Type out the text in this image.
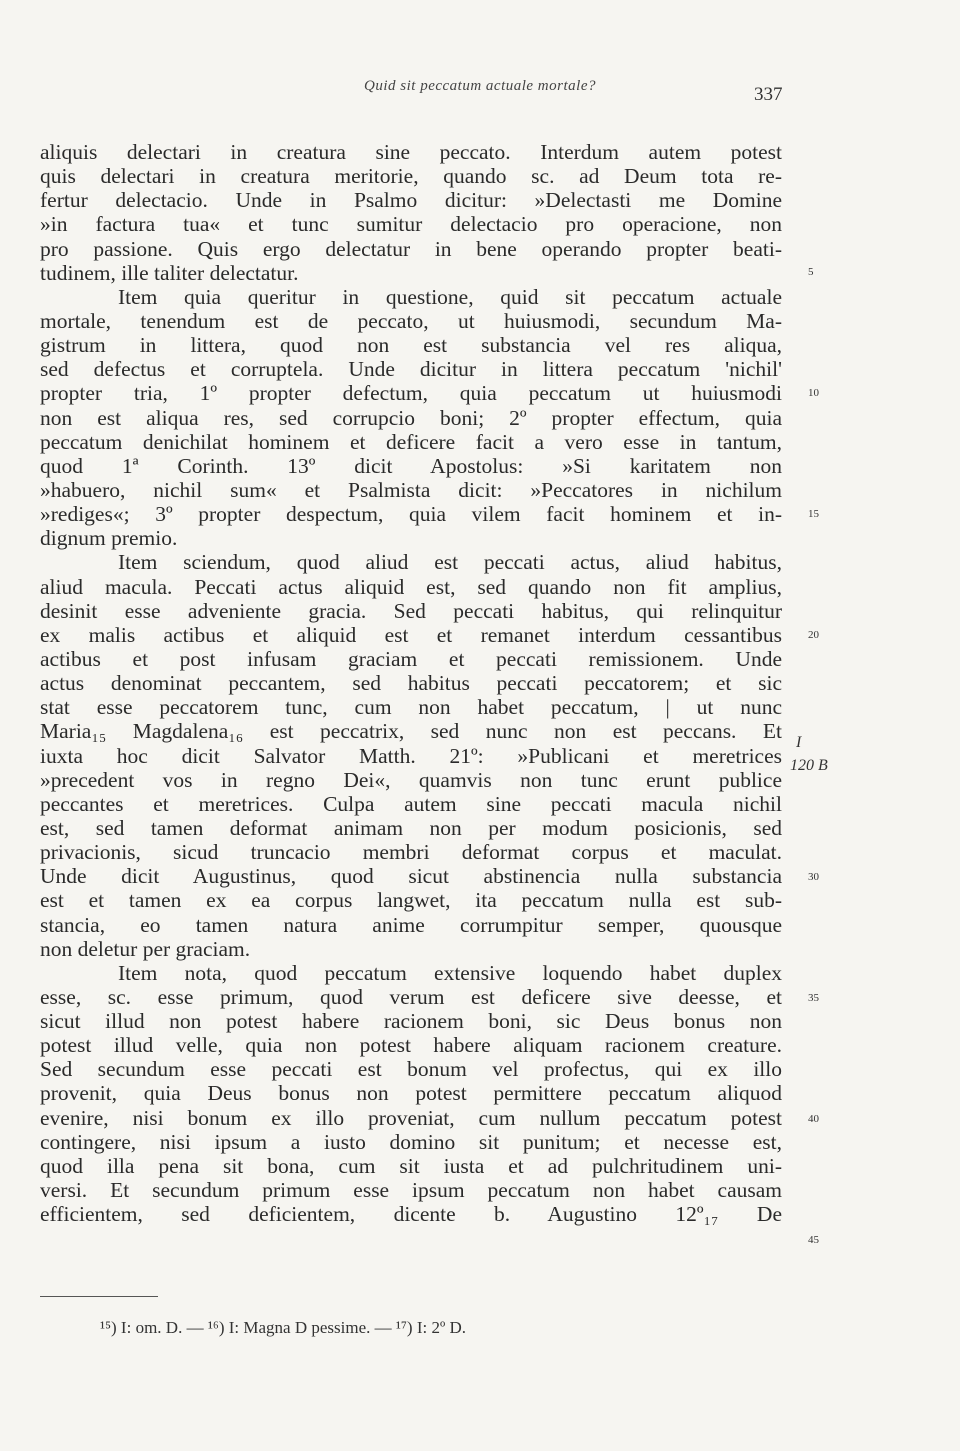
Quid sit peccatum actuale mortale?	337
aliquis delectari in creatura sine peccato. Interdum autem potest
quis delectari in creatura meritorie, quando sc. ad Deum tota re-
fertur delectacio. Unde in Psalmo dicitur: »Delectasti me Domine
»in factura tua« et tunc sumitur delectacio pro operacione, non
pro passione. Quis ergo delectatur in bene operando propter beati-
tudinem, ille taliter delectatur.
Item quia queritur in questione, quid sit peccatum actuale
mortale, tenendum est de peccato, ut huiusmodi, secundum Ma-
gistrum in littera, quod non est substancia vel res aliqua,
sed defectus et corruptela. Unde dicitur in littera peccatum 'nichil'
propter tria, 1º propter defectum, quia peccatum ut huiusmodi
non est aliqua res, sed corrupcio boni; 2º propter effectum, quia
peccatum denichilat hominem et deficere facit a vero esse in tantum,
quod 1ª Corinth. 13º dicit Apostolus: »Si karitatem non
»habuero, nichil sum« et Psalmista dicit: »Peccatores in nichilum
»rediges«; 3º propter despectum, quia vilem facit hominem et in-
dignum premio.
Item sciendum, quod aliud est peccati actus, aliud habitus,
aliud macula. Peccati actus aliquid est, sed quando non fit amplius,
desinit esse adveniente gracia. Sed peccati habitus, qui relinquitur
ex malis actibus et aliquid est et remanet interdum cessantibus
actibus et post infusam graciam et peccati remissionem. Unde
actus denominat peccantem, sed habitus peccati peccatorem; et sic
stat esse peccatorem tunc, cum non habet peccatum, | ut nunc
Maria₁₅ Magdalena₁₆ est peccatrix, sed nunc non est peccans. Et
iuxta hoc dicit Salvator Matth. 21º: »Publicani et meretrices
»precedent vos in regno Dei«, quamvis non tunc erunt publice
peccantes et meretrices. Culpa autem sine peccati macula nichil
est, sed tamen deformat animam non per modum posicionis, sed
privacionis, sicud truncacio membri deformat corpus et maculat.
Unde dicit Augustinus, quod sicut abstinencia nulla substancia
est et tamen ex ea corpus langwet, ita peccatum nulla est sub-
stancia, eo tamen natura anime corrumpitur semper, quousque
non deletur per graciam.
Item nota, quod peccatum extensive loquendo habet duplex
esse, sc. esse primum, quod verum est deficere sive deesse, et
sicut illud non potest habere racionem boni, sic Deus bonus non
potest illud velle, quia non potest habere aliquam racionem creature.
Sed secundum esse peccati est bonum vel profectus, qui ex illo
provenit, quia Deus bonus non potest permittere peccatum aliquod
evenire, nisi bonum ex illo proveniat, cum nullum peccatum potest
contingere, nisi ipsum a iusto domino sit punitum; et necesse est,
quod illa pena sit bona, cum sit iusta et ad pulchritudinem uni-
versi. Et secundum primum esse ipsum peccatum non habet causam
efficientem, sed deficientem, dicente b. Augustino 12º₁₇ De
5
10
15
20
30
35
40
45
I
120 B
¹⁵) I: om. D. — ¹⁶) I: Magna D pessime. — ¹⁷) I: 2º D.
